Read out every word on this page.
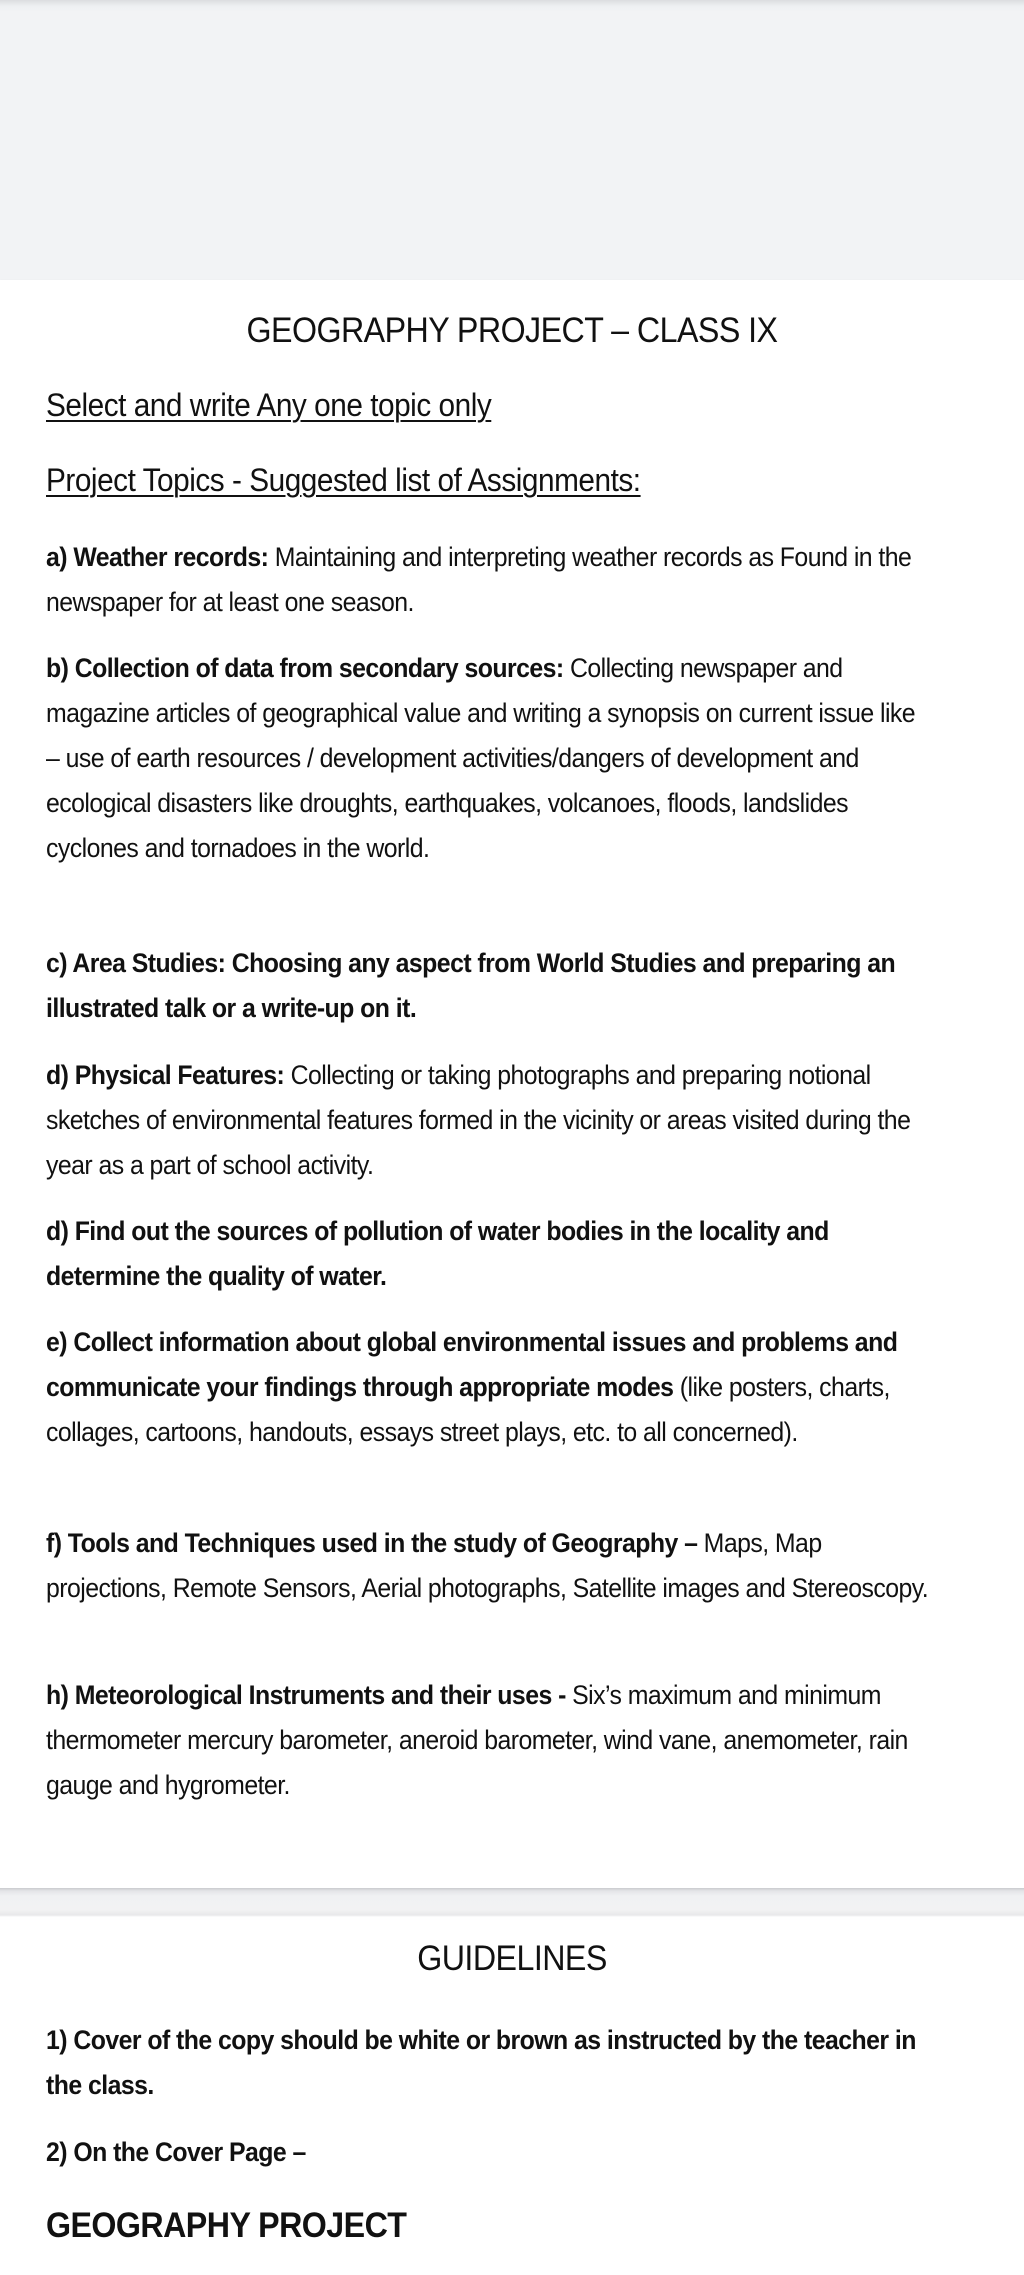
GEOGRAPHY PROJECT – CLASS IX
Select and write Any one topic only
Project Topics - Suggested list of Assignments:
a) Weather records: Maintaining and interpreting weather records as Found in the newspaper for at least one season.
b) Collection of data from secondary sources: Collecting newspaper and magazine articles of geographical value and writing a synopsis on current issue like – use of earth resources / development activities/dangers of development and ecological disasters like droughts, earthquakes, volcanoes, floods, landslides cyclones and tornadoes in the world.
c) Area Studies: Choosing any aspect from World Studies and preparing an illustrated talk or a write-up on it.
d) Physical Features: Collecting or taking photographs and preparing notional sketches of environmental features formed in the vicinity or areas visited during the year as a part of school activity.
d) Find out the sources of pollution of water bodies in the locality and determine the quality of water.
e) Collect information about global environmental issues and problems and communicate your findings through appropriate modes (like posters, charts, collages, cartoons, handouts, essays street plays, etc. to all concerned).
f) Tools and Techniques used in the study of Geography – Maps, Map projections, Remote Sensors, Aerial photographs, Satellite images and Stereoscopy.
h) Meteorological Instruments and their uses - Six’s maximum and minimum thermometer mercury barometer, aneroid barometer, wind vane, anemometer, rain gauge and hygrometer.
GUIDELINES
1) Cover of the copy should be white or brown as instructed by the teacher in the class.
2) On the Cover Page –
GEOGRAPHY PROJECT
